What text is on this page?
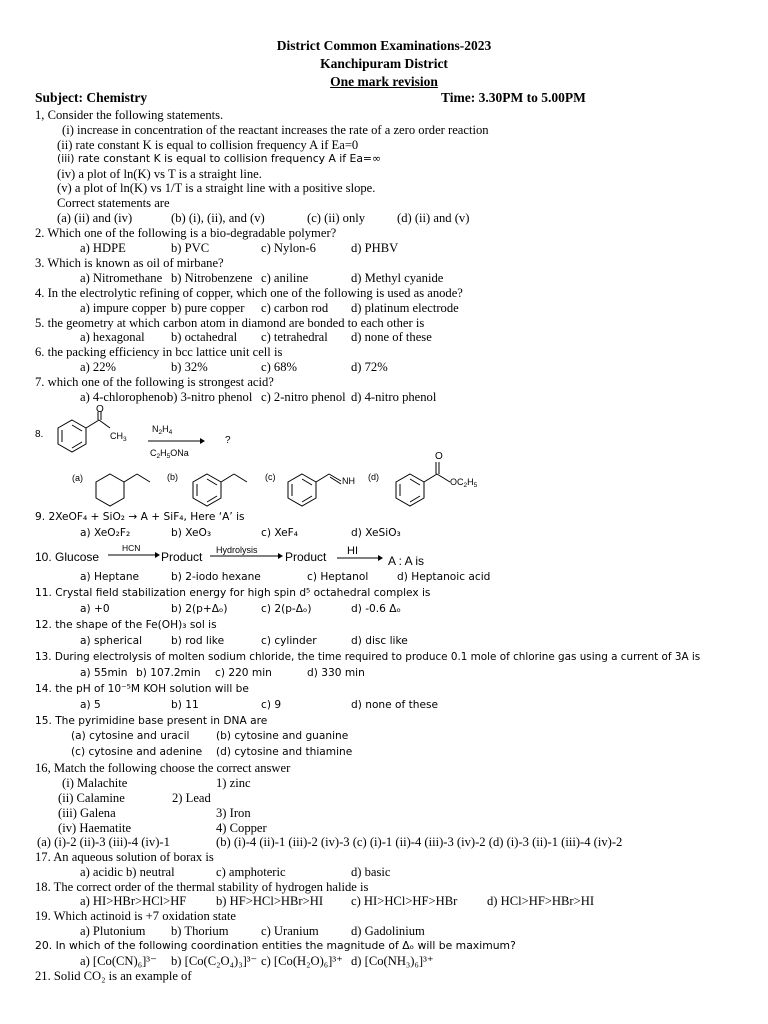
District Common Examinations-2023
Kanchipuram District
One mark revision
Subject: Chemistry	Time: 3.30PM to 5.00PM
1, Consider the following statements.
(i) increase in concentration of the reactant increases the rate of a zero order reaction
(ii) rate constant K is equal to collision frequency A if Ea=0
(iii) rate constant K is equal to collision frequency A if Ea=∞
(iv) a plot of ln(K) vs T is a straight line.
(v) a plot of ln(K) vs 1/T is a straight line with a positive slope.
Correct statements are
(a) (ii) and (iv)	(b) (i), (ii), and (v)	(c) (ii) only	(d) (ii) and (v)
2. Which one of the following is a bio-degradable polymer?
a) HDPE	b) PVC	c) Nylon-6	d) PHBV
3. Which is known as oil of mirbane?
a) Nitromethane b) Nitrobenzene c) aniline	d) Methyl cyanide
4. In the electrolytic refining of copper, which one of the following is used as anode?
a) impure copper b) pure copper c) carbon rod d) platinum electrode
5. the geometry at which carbon atom in diamond are bonded to each other is
a) hexagonal b) octahedral c) tetrahedral d) none of these
6. the packing efficiency in bcc lattice unit cell is
a) 22%	b) 32%	c) 68%	d) 72%
7. which one of the following is strongest acid?
a) 4-chlorophenol
b) 3-nitro phenol c) 2-nitro phenol d) 4-nitro phenol
8.
O
$CH_3$
$N_2H_4$
$C_2H_5ONa$
?
(a)	(b)	(c)	(d)
NH
O
$OC_2H_5$
9. 2XeOF₄ + SiO₂ → A + SiF₄, Here ‘A’ is
a) XeO₂F₂	b) XeO₃	c) XeF₄	d) XeSiO₃
10. Glucose
HCN
Product Hydrolysis Product HI
A : A is
a) Heptane	b) 2-iodo hexane	c) Heptanol	d) Heptanoic acid
11. Crystal field stabilization energy for high spin d⁵ octahedral complex is
a) +0	b) 2(p+Δₒ)	c) 2(p-Δₒ)	d) -0.6 Δₒ
12. the shape of the Fe(OH)₃ sol is
a) spherical	b) rod like	c) cylinder	d) disc like
13. During electrolysis of molten sodium chloride, the time required to produce 0.1 mole of chlorine gas using a current of 3A is
a) 55min b) 107.2min c) 220 min	d) 330 min
14. the pH of 10⁻⁵M KOH solution will be
a) 5	b) 11	c) 9	d) none of these
15. The pyrimidine base present in DNA are
(a) cytosine and uracil	(b) cytosine and guanine
(c) cytosine and adenine (d) cytosine and thiamine
16, Match the following choose the correct answer
(i) Malachite	1) zinc
(ii) Calamine	2) Lead
(iii) Galena	3) Iron
(iv) Haematite	4) Copper
(a) (i)-2 (ii)-3 (iii)-4 (iv)-1	(b) (i)-4 (ii)-1 (iii)-2 (iv)-3 (c) (i)-1 (ii)-4 (iii)-3 (iv)-2 (d) (i)-3 (ii)-1 (iii)-4 (iv)-2
17. An aqueous solution of borax is
a) acidic b) neutral	c) amphoteric	d) basic
18. The correct order of the thermal stability of hydrogen halide is
a) HI>HBr>HCl>HF b) HF>HCl>HBr>HI c) HI>HCl>HF>HBr d) HCl>HF>HBr>HI
19. Which actinoid is +7 oxidation state
a) Plutonium b) Thorium	c) Uranium	d) Gadolinium
20. In which of the following coordination entities the magnitude of Δₒ will be maximum?
a) [Co(CN)₆]³⁻ b) [Co(C₂O₄)₃]³⁻ c) [Co(H₂O)₆]³⁺ d) [Co(NH₃)₆]³⁺
21. Solid CO₂ is an example of
